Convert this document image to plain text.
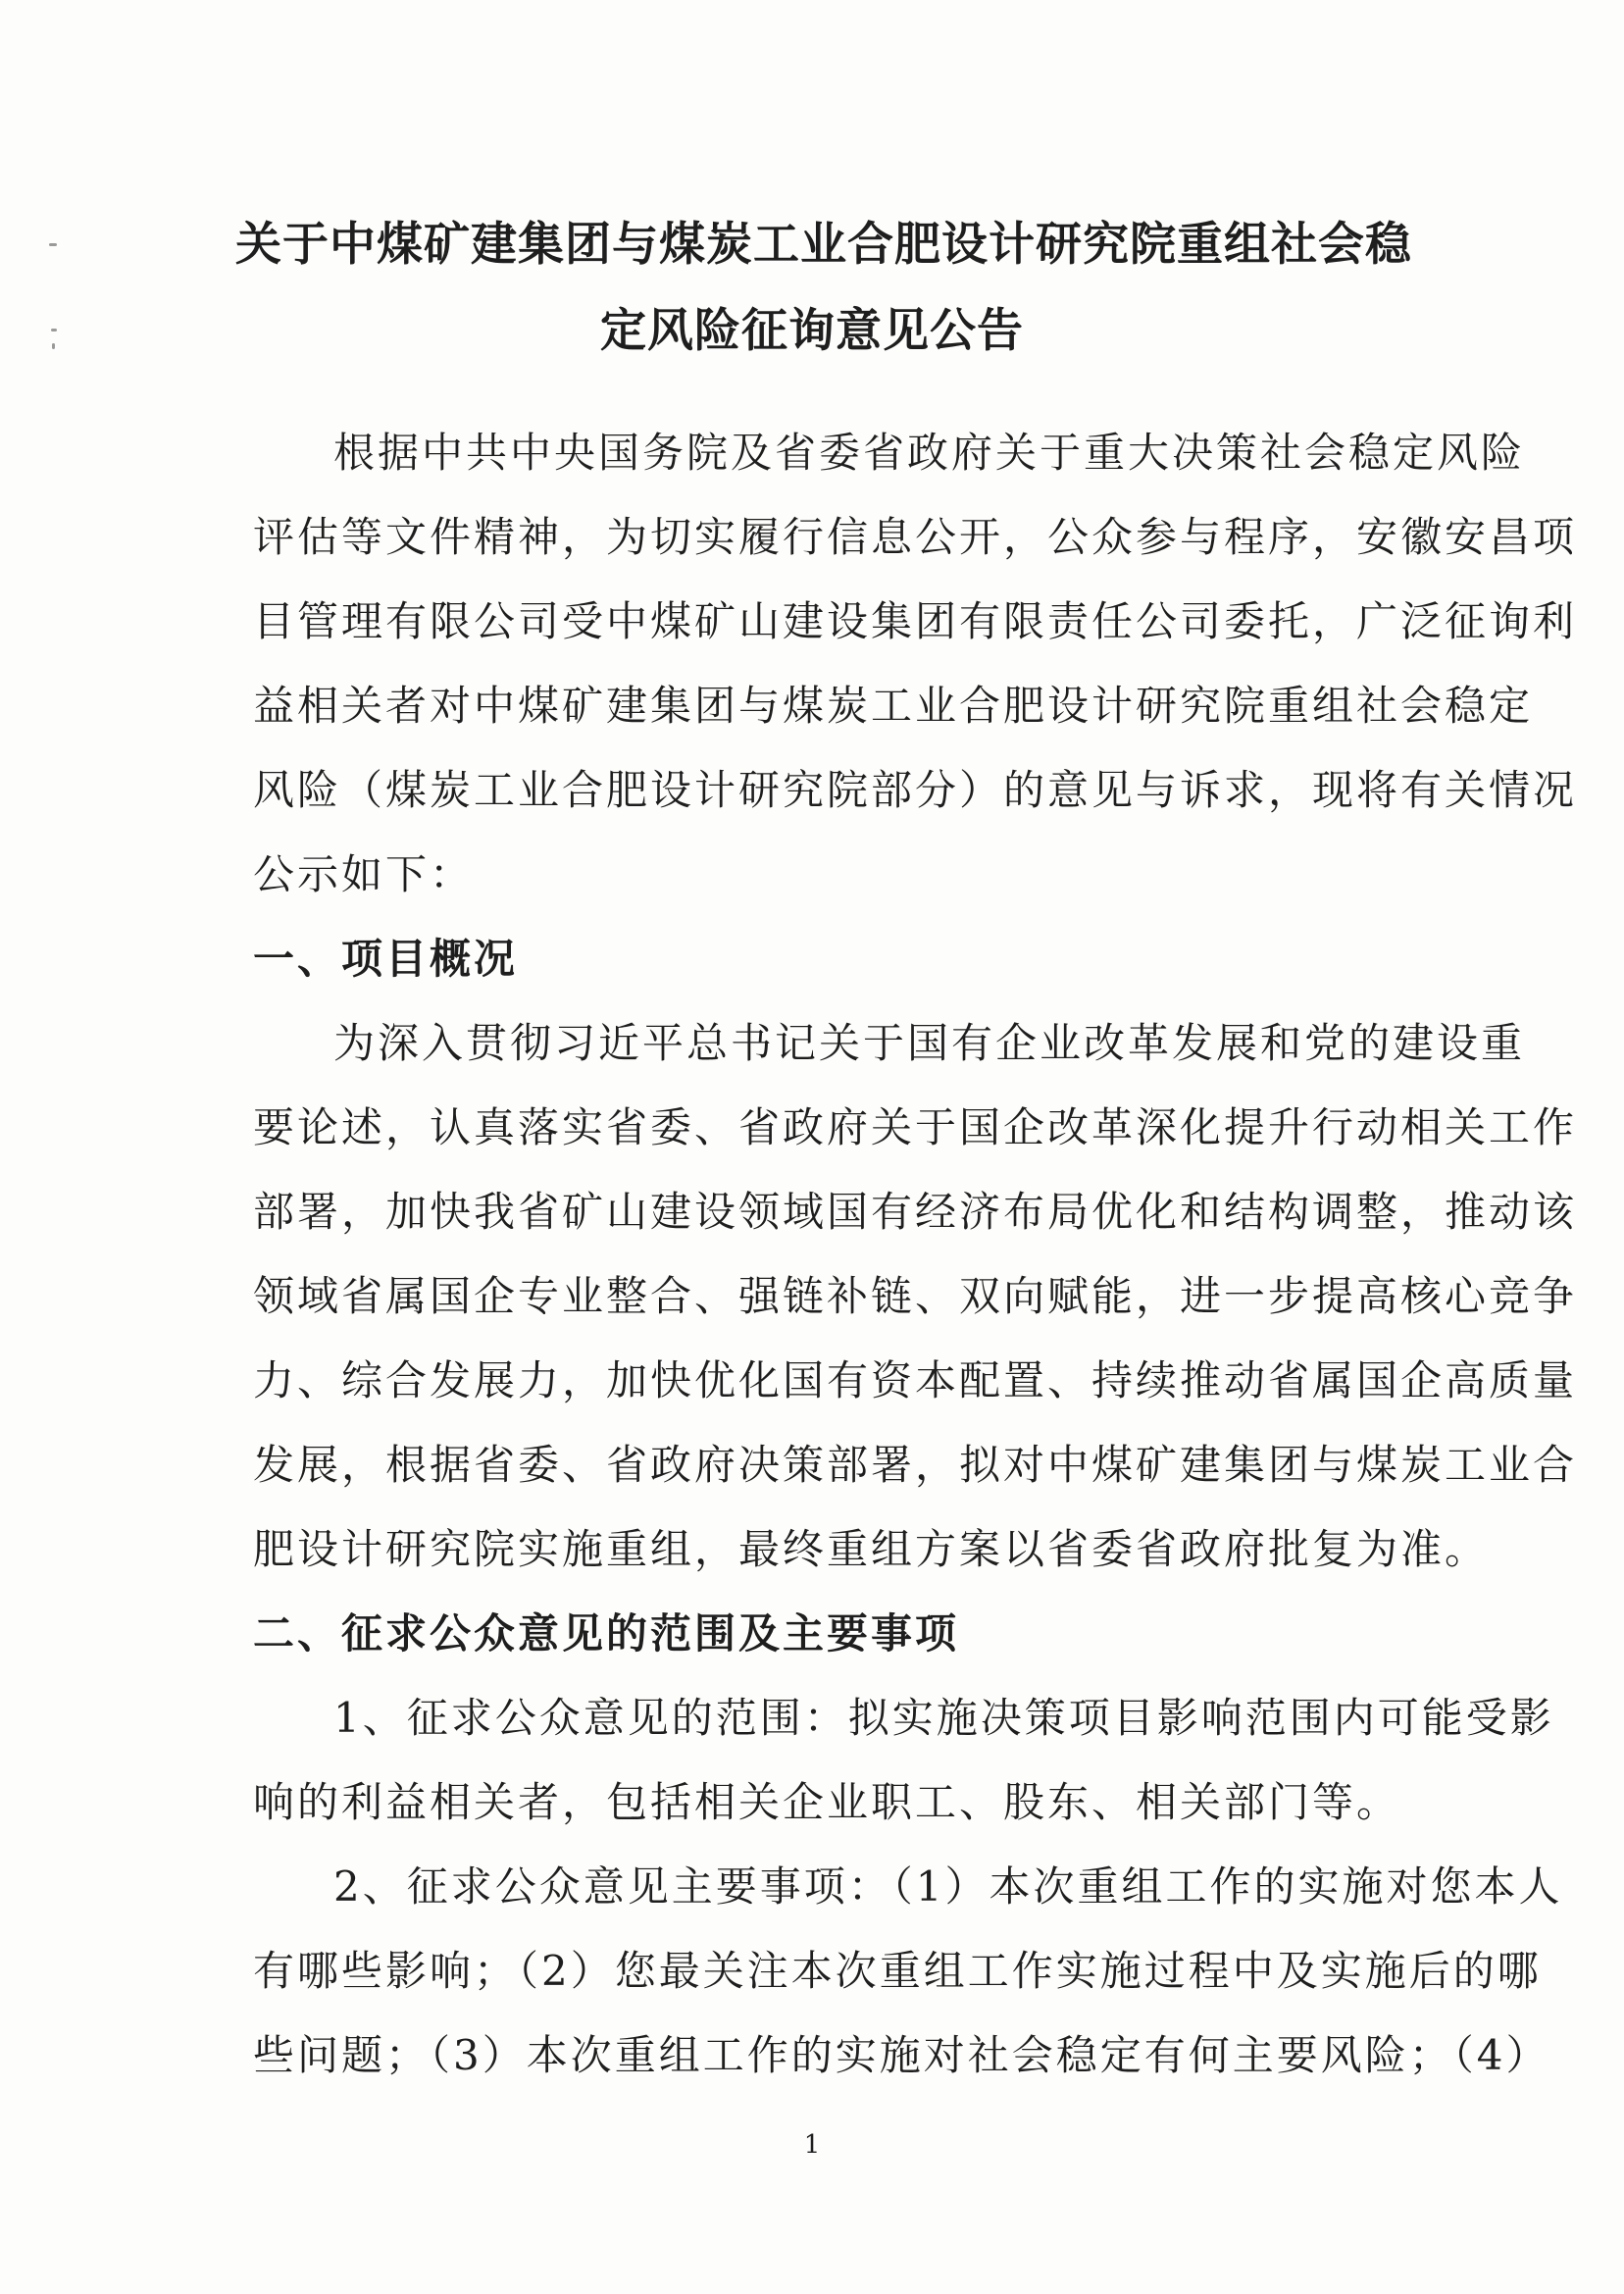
关于中煤矿建集团与煤炭工业合肥设计研究院重组社会稳
定风险征询意见公告
根据中共中央国务院及省委省政府关于重大决策社会稳定风险
评估等文件精神，为切实履行信息公开，公众参与程序，安徽安昌项
目管理有限公司受中煤矿山建设集团有限责任公司委托，广泛征询利
益相关者对中煤矿建集团与煤炭工业合肥设计研究院重组社会稳定
风险（煤炭工业合肥设计研究院部分）的意见与诉求，现将有关情况
公示如下：
一、项目概况
为深入贯彻习近平总书记关于国有企业改革发展和党的建设重
要论述，认真落实省委、省政府关于国企改革深化提升行动相关工作
部署，加快我省矿山建设领域国有经济布局优化和结构调整，推动该
领域省属国企专业整合、强链补链、双向赋能，进一步提高核心竞争
力、综合发展力，加快优化国有资本配置、持续推动省属国企高质量
发展，根据省委、省政府决策部署，拟对中煤矿建集团与煤炭工业合
肥设计研究院实施重组，最终重组方案以省委省政府批复为准。
二、征求公众意见的范围及主要事项
1、征求公众意见的范围：拟实施决策项目影响范围内可能受影
响的利益相关者，包括相关企业职工、股东、相关部门等。
2、征求公众意见主要事项：（1）本次重组工作的实施对您本人
有哪些影响；（2）您最关注本次重组工作实施过程中及实施后的哪
些问题；（3）本次重组工作的实施对社会稳定有何主要风险；（4）
1
